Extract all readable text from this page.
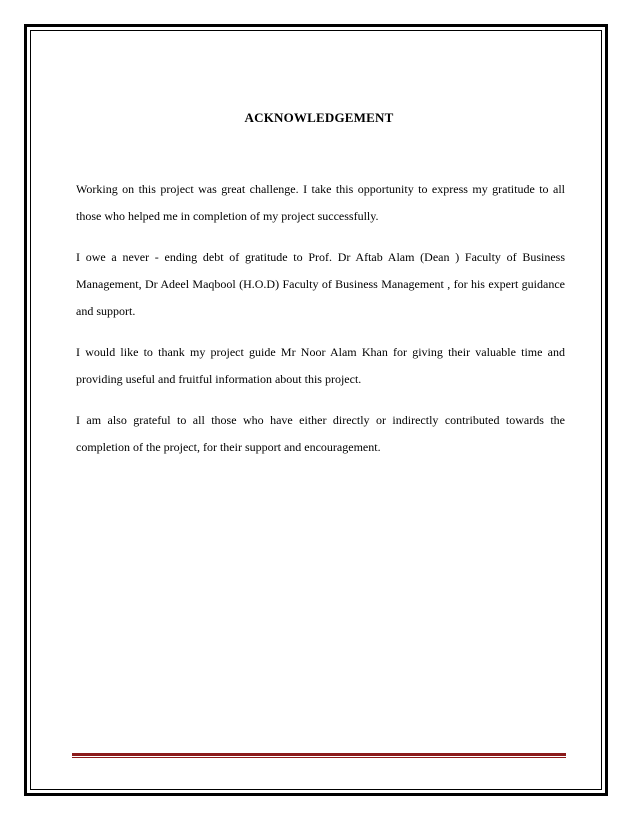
ACKNOWLEDGEMENT

Working on this project was great challenge. I take this opportunity to express my gratitude to all those who helped me in completion of my project successfully.

I owe a never - ending debt of gratitude to Prof. Dr Aftab Alam (Dean ) Faculty of Business Management, Dr Adeel Maqbool (H.O.D) Faculty of Business Management , for his expert guidance and support.

I would like to thank my project guide Mr Noor Alam Khan for giving their valuable time and providing useful and fruitful information about this project.

I am also grateful to all those who have either directly or indirectly contributed towards the completion of the project, for their support and encouragement.
